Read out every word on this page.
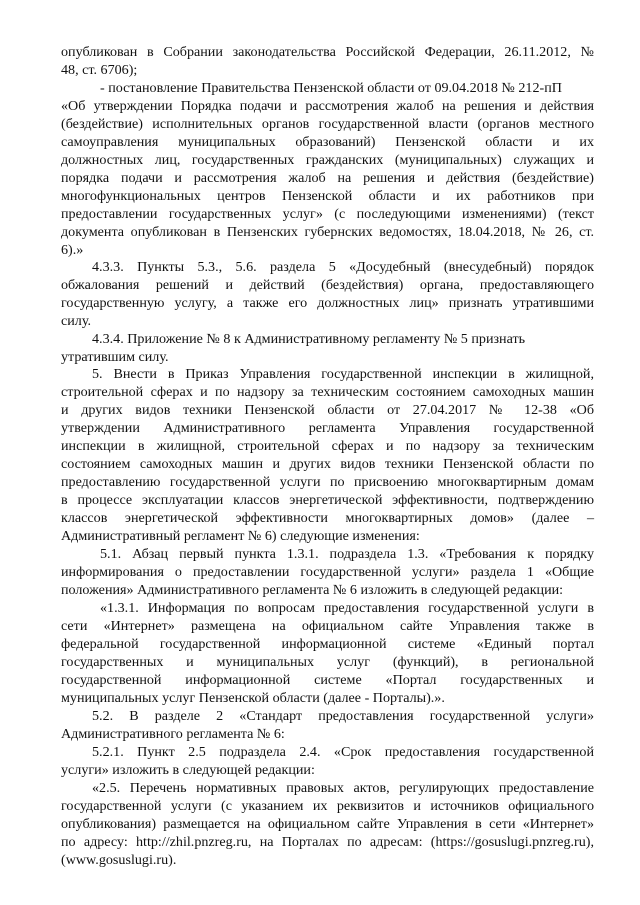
опубликован в Собрании законодательства Российской Федерации, 26.11.2012, №
48, ст. 6706);
- постановление Правительства Пензенской области от 09.04.2018 № 212-пП
«Об утверждении Порядка подачи и рассмотрения жалоб на решения и действия
(бездействие) исполнительных органов государственной власти (органов местного
самоуправления муниципальных образований) Пензенской области и их
должностных лиц, государственных гражданских (муниципальных) служащих и
порядка подачи и рассмотрения жалоб на решения и действия (бездействие)
многофункциональных центров Пензенской области и их работников при
предоставлении государственных услуг» (с последующими изменениями) (текст
документа опубликован в Пензенских губернских ведомостях, 18.04.2018, № 26, ст.
6).»
4.3.3. Пункты 5.3., 5.6. раздела 5 «Досудебный (внесудебный) порядок
обжалования решений и действий (бездействия) органа, предоставляющего
государственную услугу, а также его должностных лиц» признать утратившими
силу.
4.3.4. Приложение № 8 к Административному регламенту № 5 признать
утратившим силу.
5. Внести в Приказ Управления государственной инспекции в жилищной,
строительной сферах и по надзору за техническим состоянием самоходных машин
и других видов техники Пензенской области от 27.04.2017 № 12-38 «Об
утверждении Административного регламента Управления государственной
инспекции в жилищной, строительной сферах и по надзору за техническим
состоянием самоходных машин и других видов техники Пензенской области по
предоставлению государственной услуги по присвоению многоквартирным домам
в процессе эксплуатации классов энергетической эффективности, подтверждению
классов энергетической эффективности многоквартирных домов» (далее –
Административный регламент № 6) следующие изменения:
5.1. Абзац первый пункта 1.3.1. подраздела 1.3. «Требования к порядку
информирования о предоставлении государственной услуги» раздела 1 «Общие
положения» Административного регламента № 6 изложить в следующей редакции:
«1.3.1. Информация по вопросам предоставления государственной услуги в
сети «Интернет» размещена на официальном сайте Управления также в
федеральной государственной информационной системе «Единый портал
государственных и муниципальных услуг (функций), в региональной
государственной информационной системе «Портал государственных и
муниципальных услуг Пензенской области (далее - Порталы).».
5.2. В разделе 2 «Стандарт предоставления государственной услуги»
Административного регламента № 6:
5.2.1. Пункт 2.5 подраздела 2.4. «Срок предоставления государственной
услуги» изложить в следующей редакции:
«2.5. Перечень нормативных правовых актов, регулирующих предоставление
государственной услуги (с указанием их реквизитов и источников официального
опубликования) размещается на официальном сайте Управления в сети «Интернет»
по адресу: http://zhil.pnzreg.ru, на Порталах по адресам: (https://gosuslugi.pnzreg.ru),
(www.gosuslugi.ru).
